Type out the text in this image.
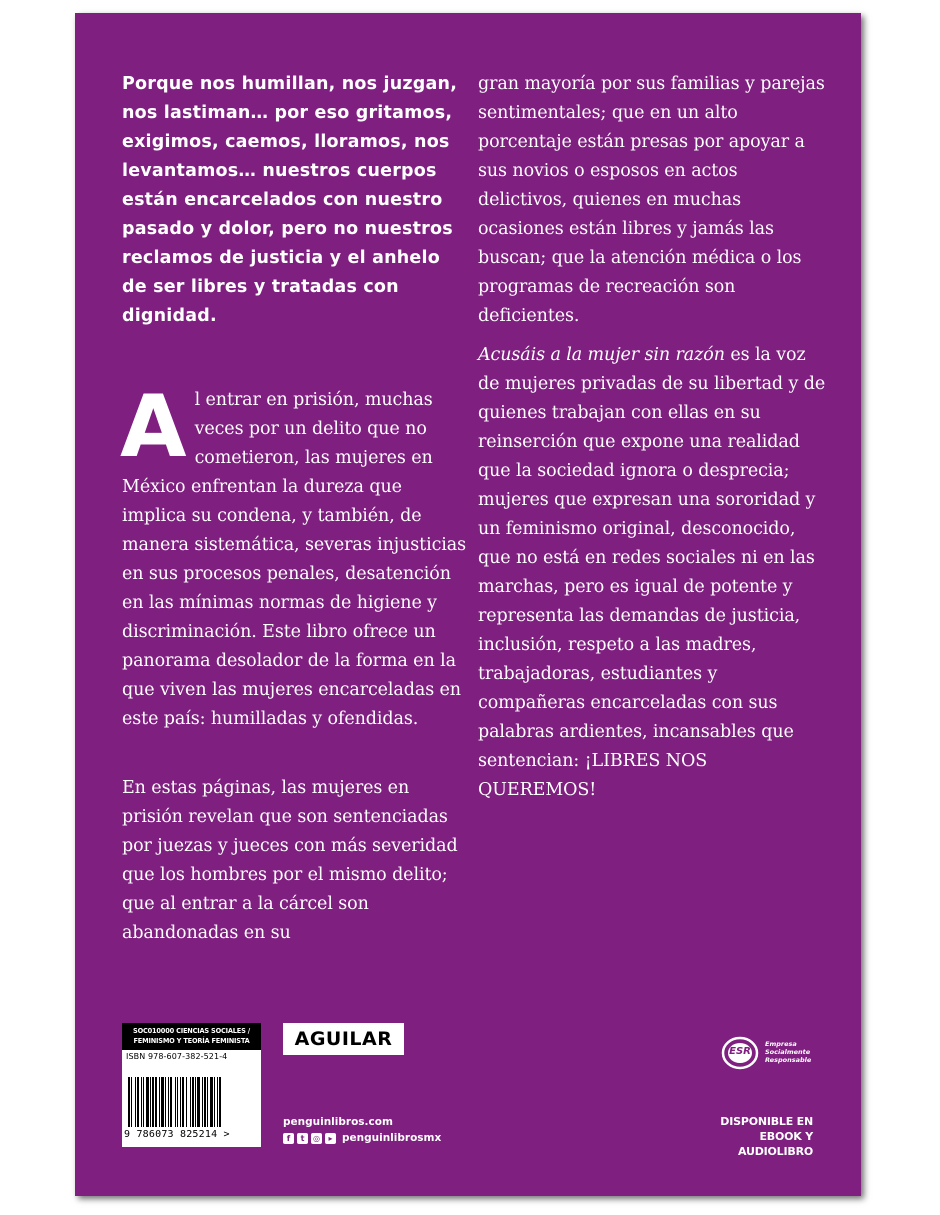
Porque nos humillan, nos juzgan, nos lastiman… por eso gritamos, exigimos, caemos, lloramos, nos levantamos… nuestros cuerpos están encarcelados con nuestro pasado y dolor, pero no nuestros reclamos de justicia y el anhelo de ser libres y tratadas con dignidad.

A l entrar en prisión, muchas veces por un delito que no cometieron, las mujeres en México enfrentan la dureza que implica su condena, y también, de manera sistemática, severas injusticias en sus procesos penales, desatención en las mínimas normas de higiene y discriminación. Este libro ofrece un panorama desolador de la forma en la que viven las mujeres encarceladas en este país: humilladas y ofendidas.

En estas páginas, las mujeres en prisión revelan que son sentenciadas por juezas y jueces con más severidad que los hombres por el mismo delito; que al entrar a la cárcel son abandonadas en su

gran mayoría por sus familias y parejas sentimentales; que en un alto porcentaje están presas por apoyar a sus novios o esposos en actos delictivos, quienes en muchas ocasiones están libres y jamás las buscan; que la atención médica o los programas de recreación son deficientes.

Acusáis a la mujer sin razón es la voz de mujeres privadas de su libertad y de quienes trabajan con ellas en su reinserción que expone una realidad que la sociedad ignora o desprecia; mujeres que expresan una sororidad y un feminismo original, desconocido, que no está en redes sociales ni en las marchas, pero es igual de potente y representa las demandas de justicia, inclusión, respeto a las madres, trabajadoras, estudiantes y compañeras encarceladas con sus palabras ardientes, incansables que sentencian: ¡LIBRES NOS QUEREMOS!

SOC010000 CIENCIAS SOCIALES /
FEMINISMO Y TEORÍA FEMINISTA
ISBN 978-607-382-521-4
9 786073 825214 >
AGUILAR
penguinlibros.com
f	t	◎	▸ penguinlibrosmx
ESR
Empresa
Socialmente
Responsable
DISPONIBLE EN
EBOOK Y AUDIOLIBRO
